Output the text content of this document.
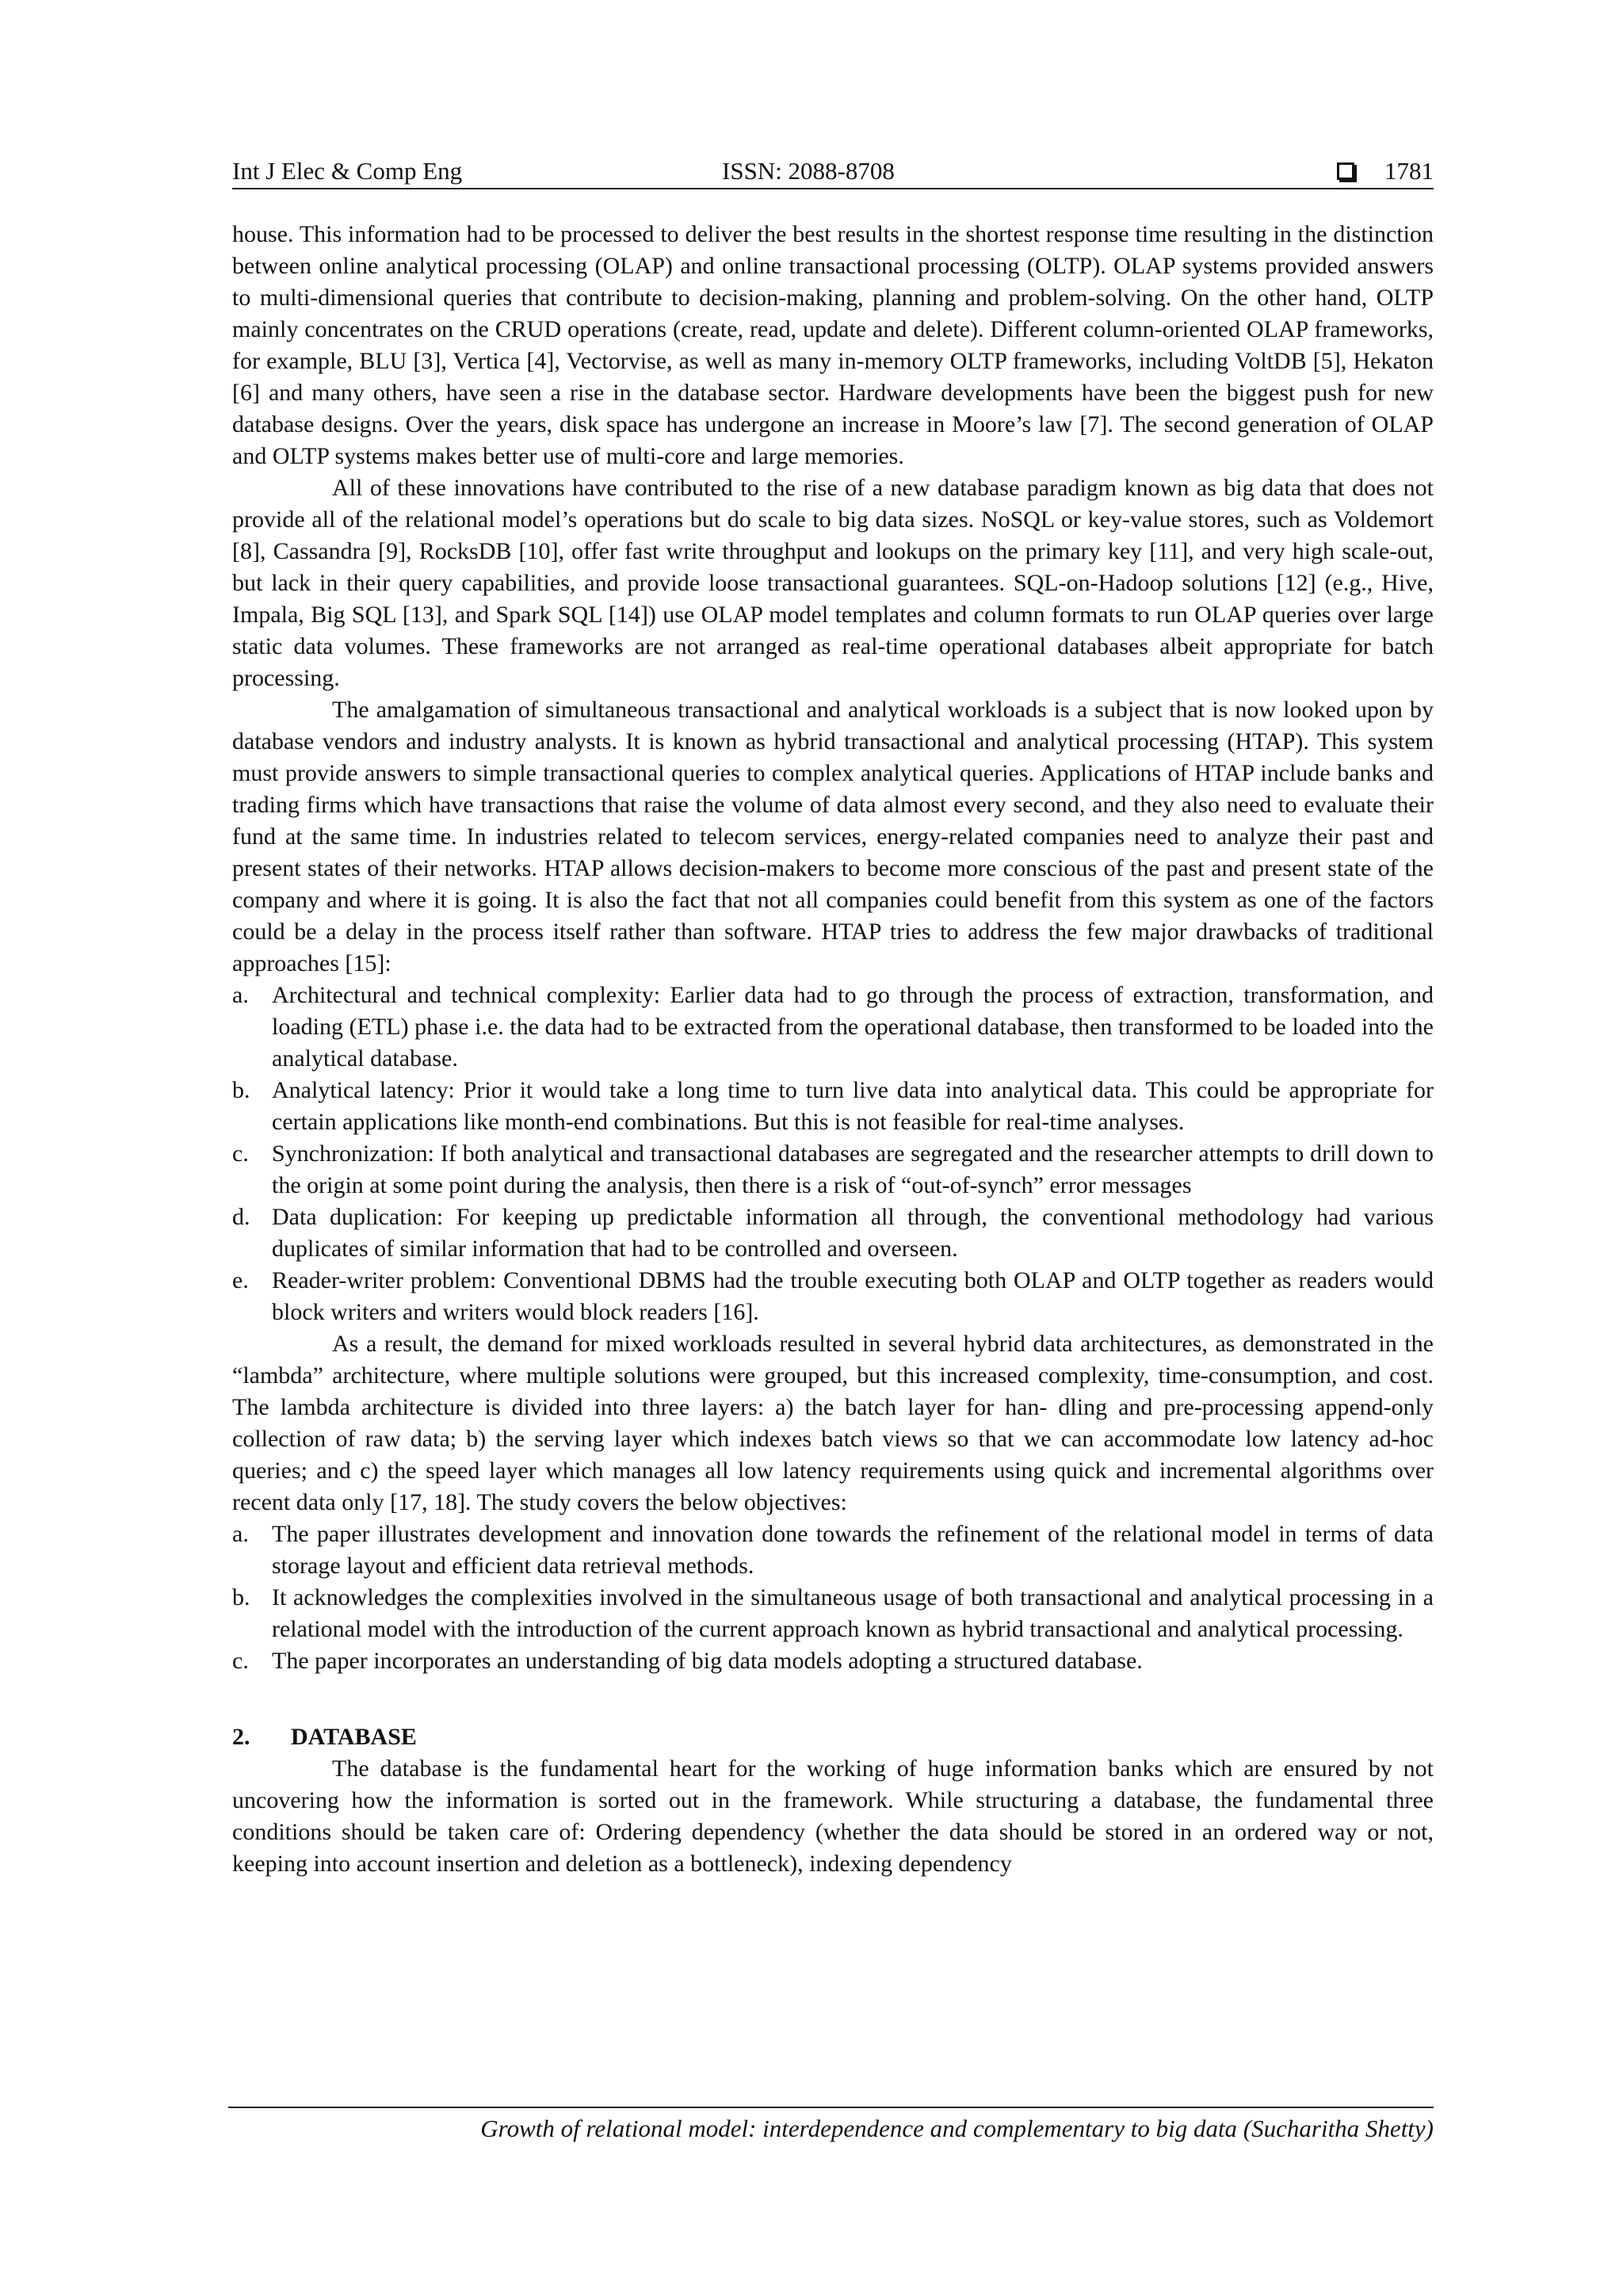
Int J Elec & Comp Eng	ISSN: 2088-8708	1781

house. This information had to be processed to deliver the best results in the shortest response time resulting in the distinction between online analytical processing (OLAP) and online transactional processing (OLTP). OLAP systems provided answers to multi-dimensional queries that contribute to decision-making, planning and problem-solving. On the other hand, OLTP mainly concentrates on the CRUD operations (create, read, update and delete). Different column-oriented OLAP frameworks, for example, BLU [3], Vertica [4], Vectorvise, as well as many in-memory OLTP frameworks, including VoltDB [5], Hekaton [6] and many others, have seen a rise in the database sector. Hardware developments have been the biggest push for new database designs. Over the years, disk space has undergone an increase in Moore’s law [7]. The second generation of OLAP and OLTP systems makes better use of multi-core and large memories.

All of these innovations have contributed to the rise of a new database paradigm known as big data that does not provide all of the relational model’s operations but do scale to big data sizes. NoSQL or key-value stores, such as Voldemort [8], Cassandra [9], RocksDB [10], offer fast write throughput and lookups on the primary key [11], and very high scale-out, but lack in their query capabilities, and provide loose transactional guarantees. SQL-on-Hadoop solutions [12] (e.g., Hive, Impala, Big SQL [13], and Spark SQL [14]) use OLAP model templates and column formats to run OLAP queries over large static data volumes. These frameworks are not arranged as real-time operational databases albeit appropriate for batch processing.

The amalgamation of simultaneous transactional and analytical workloads is a subject that is now looked upon by database vendors and industry analysts. It is known as hybrid transactional and analytical processing (HTAP). This system must provide answers to simple transactional queries to complex analytical queries. Applications of HTAP include banks and trading firms which have transactions that raise the volume of data almost every second, and they also need to evaluate their fund at the same time. In industries related to telecom services, energy-related companies need to analyze their past and present states of their networks. HTAP allows decision-makers to become more conscious of the past and present state of the company and where it is going. It is also the fact that not all companies could benefit from this system as one of the factors could be a delay in the process itself rather than software. HTAP tries to address the few major drawbacks of traditional approaches [15]:

a. Architectural and technical complexity: Earlier data had to go through the process of extraction, transformation, and loading (ETL) phase i.e. the data had to be extracted from the operational database, then transformed to be loaded into the analytical database.
b. Analytical latency: Prior it would take a long time to turn live data into analytical data. This could be appropriate for certain applications like month-end combinations. But this is not feasible for real-time analyses.
c. Synchronization: If both analytical and transactional databases are segregated and the researcher attempts to drill down to the origin at some point during the analysis, then there is a risk of “out-of-synch” error messages
d. Data duplication: For keeping up predictable information all through, the conventional methodology had various duplicates of similar information that had to be controlled and overseen.
e. Reader-writer problem: Conventional DBMS had the trouble executing both OLAP and OLTP together as readers would block writers and writers would block readers [16].

As a result, the demand for mixed workloads resulted in several hybrid data architectures, as demonstrated in the “lambda” architecture, where multiple solutions were grouped, but this increased complexity, time-consumption, and cost. The lambda architecture is divided into three layers: a) the batch layer for han- dling and pre-processing append-only collection of raw data; b) the serving layer which indexes batch views so that we can accommodate low latency ad-hoc queries; and c) the speed layer which manages all low latency requirements using quick and incremental algorithms over recent data only [17, 18]. The study covers the below objectives:

a. The paper illustrates development and innovation done towards the refinement of the relational model in terms of data storage layout and efficient data retrieval methods.
b. It acknowledges the complexities involved in the simultaneous usage of both transactional and analytical processing in a relational model with the introduction of the current approach known as hybrid transactional and analytical processing.
c. The paper incorporates an understanding of big data models adopting a structured database.
2. DATABASE

The database is the fundamental heart for the working of huge information banks which are ensured by not uncovering how the information is sorted out in the framework. While structuring a database, the fundamental three conditions should be taken care of: Ordering dependency (whether the data should be stored in an ordered way or not, keeping into account insertion and deletion as a bottleneck), indexing dependency

Growth of relational model: interdependence and complementary to big data (Sucharitha Shetty)
